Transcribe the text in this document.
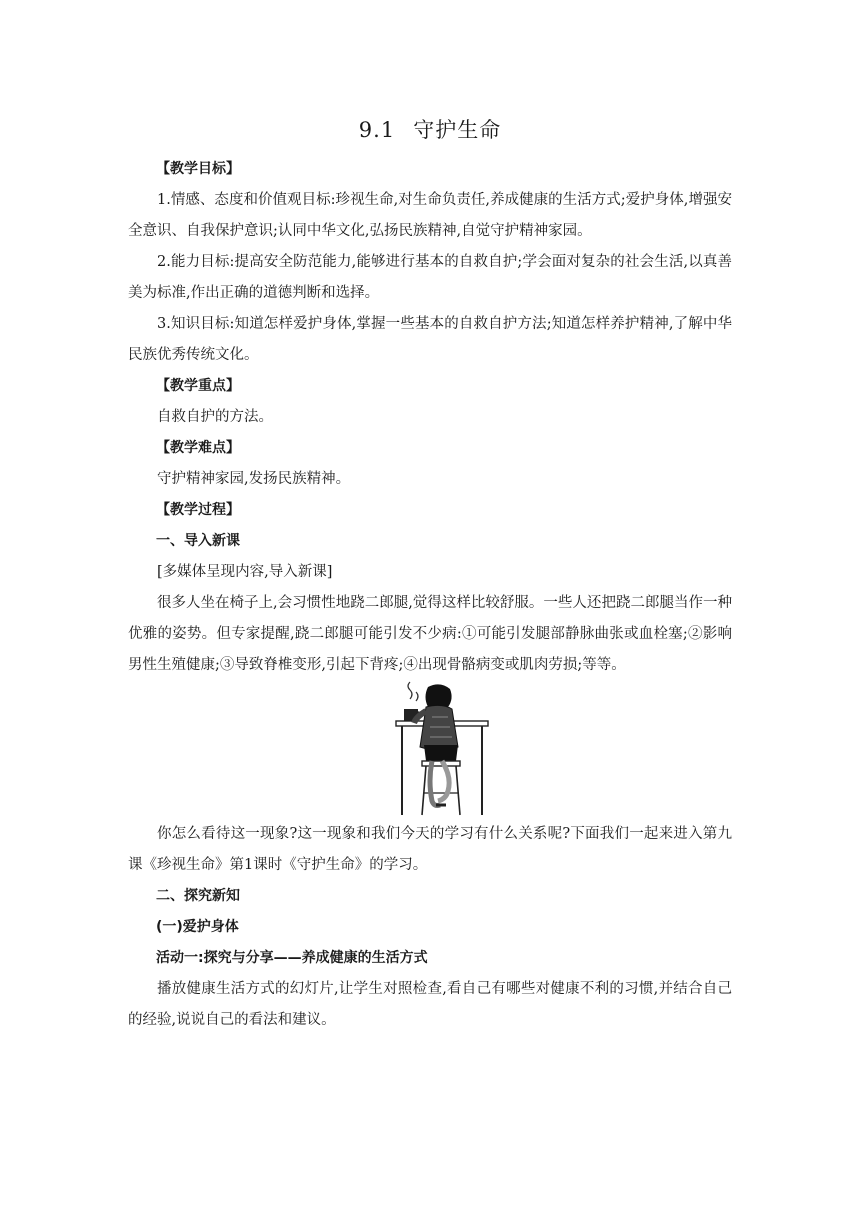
9.1 守护生命

【教学目标】

1.情感、态度和价值观目标:珍视生命,对生命负责任,养成健康的生活方式;爱护身体,增强安全意识、自我保护意识;认同中华文化,弘扬民族精神,自觉守护精神家园。

2.能力目标:提高安全防范能力,能够进行基本的自救自护;学会面对复杂的社会生活,以真善美为标准,作出正确的道德判断和选择。

3.知识目标:知道怎样爱护身体,掌握一些基本的自救自护方法;知道怎样养护精神,了解中华民族优秀传统文化。

【教学重点】

自救自护的方法。

【教学难点】

守护精神家园,发扬民族精神。

【教学过程】

一、导入新课

[多媒体呈现内容,导入新课]

很多人坐在椅子上,会习惯性地跷二郎腿,觉得这样比较舒服。一些人还把跷二郎腿当作一种优雅的姿势。但专家提醒,跷二郎腿可能引发不少病:①可能引发腿部静脉曲张或血栓塞;②影响男性生殖健康;③导致脊椎变形,引起下背疼;④出现骨骼病变或肌肉劳损;等等。

你怎么看待这一现象?这一现象和我们今天的学习有什么关系呢?下面我们一起来进入第九课《珍视生命》第1课时《守护生命》的学习。

二、探究新知

(一)爱护身体

活动一:探究与分享——养成健康的生活方式

播放健康生活方式的幻灯片,让学生对照检查,看自己有哪些对健康不利的习惯,并结合自己的经验,说说自己的看法和建议。
